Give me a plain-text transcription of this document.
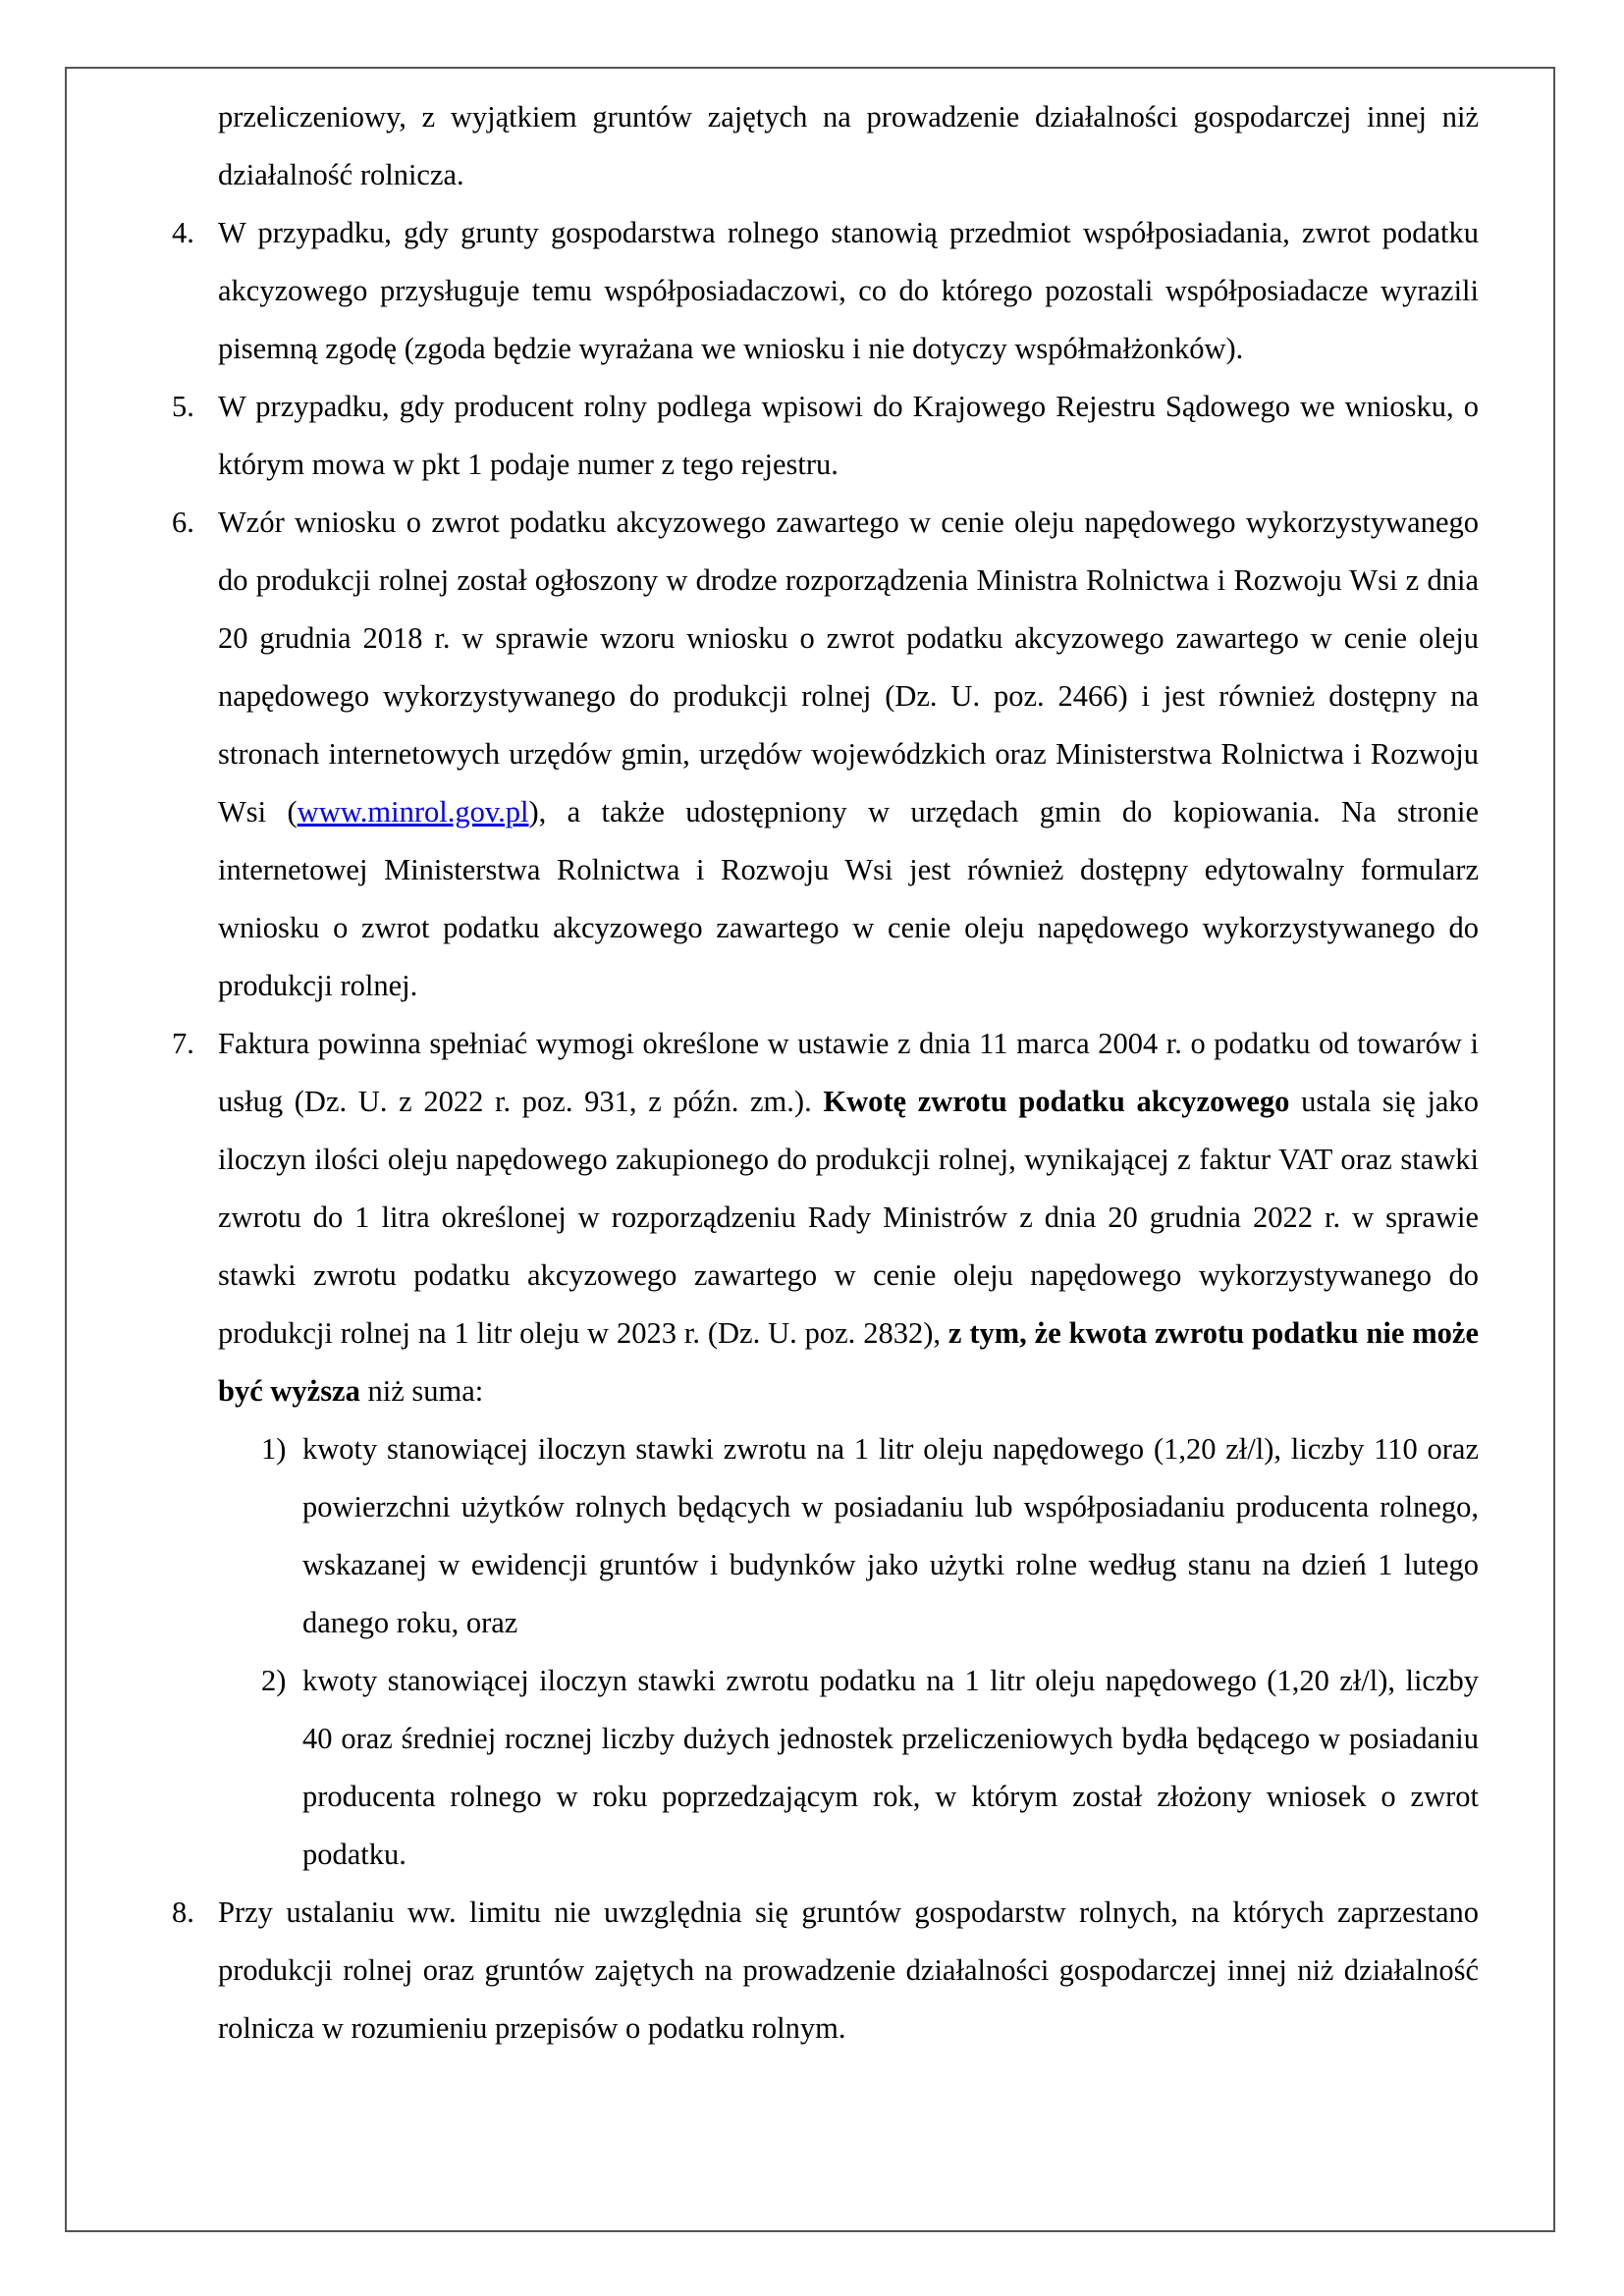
przeliczeniowy, z wyjątkiem gruntów zajętych na prowadzenie działalności gospodarczej innej niż działalność rolnicza.

4. W przypadku, gdy grunty gospodarstwa rolnego stanowią przedmiot współposiadania, zwrot podatku akcyzowego przysługuje temu współposiadaczowi, co do którego pozostali współposiadacze wyrazili pisemną zgodę (zgoda będzie wyrażana we wniosku i nie dotyczy współmałżonków).
5. W przypadku, gdy producent rolny podlega wpisowi do Krajowego Rejestru Sądowego we wniosku, o którym mowa w pkt 1 podaje numer z tego rejestru.
6. Wzór wniosku o zwrot podatku akcyzowego zawartego w cenie oleju napędowego wykorzystywanego do produkcji rolnej został ogłoszony w drodze rozporządzenia Ministra Rolnictwa i Rozwoju Wsi z dnia 20 grudnia 2018 r. w sprawie wzoru wniosku o zwrot podatku akcyzowego zawartego w cenie oleju napędowego wykorzystywanego do produkcji rolnej (Dz. U. poz. 2466) i jest również dostępny na stronach internetowych urzędów gmin, urzędów wojewódzkich oraz Ministerstwa Rolnictwa i Rozwoju Wsi (www.minrol.gov.pl), a także udostępniony w urzędach gmin do kopiowania. Na stronie internetowej Ministerstwa Rolnictwa i Rozwoju Wsi jest również dostępny edytowalny formularz wniosku o zwrot podatku akcyzowego zawartego w cenie oleju napędowego wykorzystywanego do produkcji rolnej.
7. Faktura powinna spełniać wymogi określone w ustawie z dnia 11 marca 2004 r. o podatku od towarów i usług (Dz. U. z 2022 r. poz. 931, z późn. zm.). Kwotę zwrotu podatku akcyzowego ustala się jako iloczyn ilości oleju napędowego zakupionego do produkcji rolnej, wynikającej z faktur VAT oraz stawki zwrotu do 1 litra określonej w rozporządzeniu Rady Ministrów z dnia 20 grudnia 2022 r. w sprawie stawki zwrotu podatku akcyzowego zawartego w cenie oleju napędowego wykorzystywanego do produkcji rolnej na 1 litr oleju w 2023 r. (Dz. U. poz. 2832), z tym, że kwota zwrotu podatku nie może być wyższa niż suma:
1) kwoty stanowiącej iloczyn stawki zwrotu na 1 litr oleju napędowego (1,20 zł/l), liczby 110 oraz powierzchni użytków rolnych będących w posiadaniu lub współposiadaniu producenta rolnego, wskazanej w ewidencji gruntów i budynków jako użytki rolne według stanu na dzień 1 lutego danego roku, oraz
2) kwoty stanowiącej iloczyn stawki zwrotu podatku na 1 litr oleju napędowego (1,20 zł/l), liczby 40 oraz średniej rocznej liczby dużych jednostek przeliczeniowych bydła będącego w posiadaniu producenta rolnego w roku poprzedzającym rok, w którym został złożony wniosek o zwrot podatku.
8. Przy ustalaniu ww. limitu nie uwzględnia się gruntów gospodarstw rolnych, na których zaprzestano produkcji rolnej oraz gruntów zajętych na prowadzenie działalności gospodarczej innej niż działalność rolnicza w rozumieniu przepisów o podatku rolnym.
